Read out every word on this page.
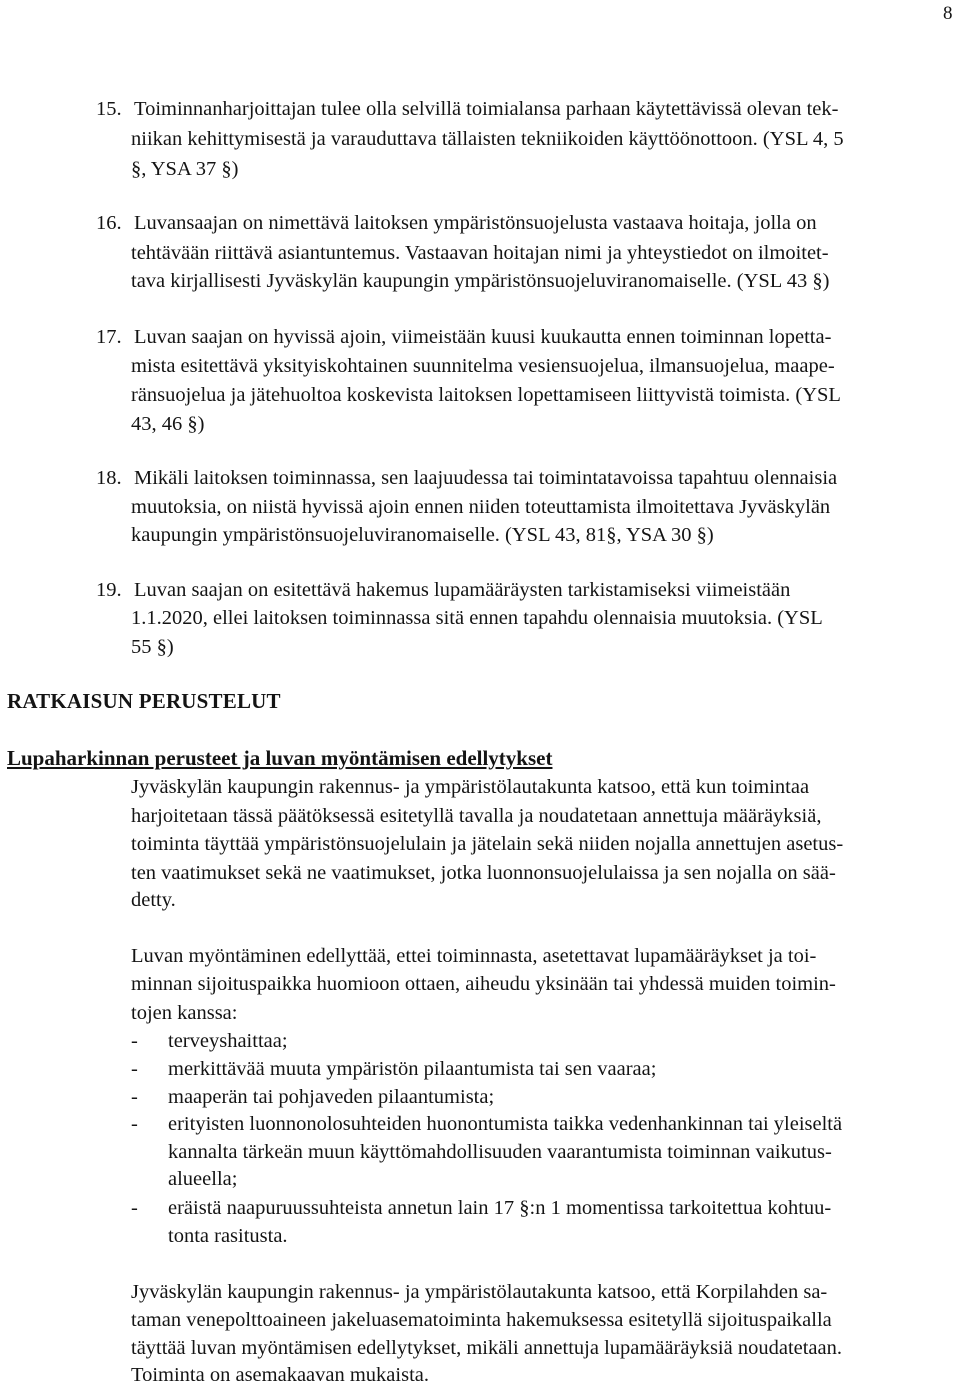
8
15. Toiminnanharjoittajan tulee olla selvillä toimialansa parhaan käytettävissä olevan tek-
niikan kehittymisestä ja varauduttava tällaisten tekniikoiden käyttöönottoon. (YSL 4, 5
§, YSA 37 §)
16. Luvansaajan on nimettävä laitoksen ympäristönsuojelusta vastaava hoitaja, jolla on
tehtävään riittävä asiantuntemus. Vastaavan hoitajan nimi ja yhteystiedot on ilmoitet-
tava kirjallisesti Jyväskylän kaupungin ympäristönsuojeluviranomaiselle. (YSL 43 §)
17. Luvan saajan on hyvissä ajoin, viimeistään kuusi kuukautta ennen toiminnan lopetta-
mista esitettävä yksityiskohtainen suunnitelma vesiensuojelua, ilmansuojelua, maape-
ränsuojelua ja jätehuoltoa koskevista laitoksen lopettamiseen liittyvistä toimista. (YSL
43, 46 §)
18. Mikäli laitoksen toiminnassa, sen laajuudessa tai toimintatavoissa tapahtuu olennaisia
muutoksia, on niistä hyvissä ajoin ennen niiden toteuttamista ilmoitettava Jyväskylän
kaupungin ympäristönsuojeluviranomaiselle. (YSL 43, 81§, YSA 30 §)
19. Luvan saajan on esitettävä hakemus lupamääräysten tarkistamiseksi viimeistään
1.1.2020, ellei laitoksen toiminnassa sitä ennen tapahdu olennaisia muutoksia. (YSL
55 §)
RATKAISUN PERUSTELUT
Lupaharkinnan perusteet ja luvan myöntämisen edellytykset
Jyväskylän kaupungin rakennus- ja ympäristölautakunta katsoo, että kun toimintaa
harjoitetaan tässä päätöksessä esitetyllä tavalla ja noudatetaan annettuja määräyksiä,
toiminta täyttää ympäristönsuojelulain ja jätelain sekä niiden nojalla annettujen asetus-
ten vaatimukset sekä ne vaatimukset, jotka luonnonsuojelulaissa ja sen nojalla on sää-
detty.
Luvan myöntäminen edellyttää, ettei toiminnasta, asetettavat lupamääräykset ja toi-
minnan sijoituspaikka huomioon ottaen, aiheudu yksinään tai yhdessä muiden toimin-
tojen kanssa:
- terveyshaittaa;
- merkittävää muuta ympäristön pilaantumista tai sen vaaraa;
- maaperän tai pohjaveden pilaantumista;
- erityisten luonnonolosuhteiden huonontumista taikka vedenhankinnan tai yleiseltä
kannalta tärkeän muun käyttömahdollisuuden vaarantumista toiminnan vaikutus-
alueella;
- eräistä naapuruussuhteista annetun lain 17 §:n 1 momentissa tarkoitettua kohtuu-
tonta rasitusta.
Jyväskylän kaupungin rakennus- ja ympäristölautakunta katsoo, että Korpilahden sa-
taman venepolttoaineen jakeluasematoiminta hakemuksessa esitetyllä sijoituspaikalla
täyttää luvan myöntämisen edellytykset, mikäli annettuja lupamääräyksiä noudatetaan.
Toiminta on asemakaavan mukaista.
